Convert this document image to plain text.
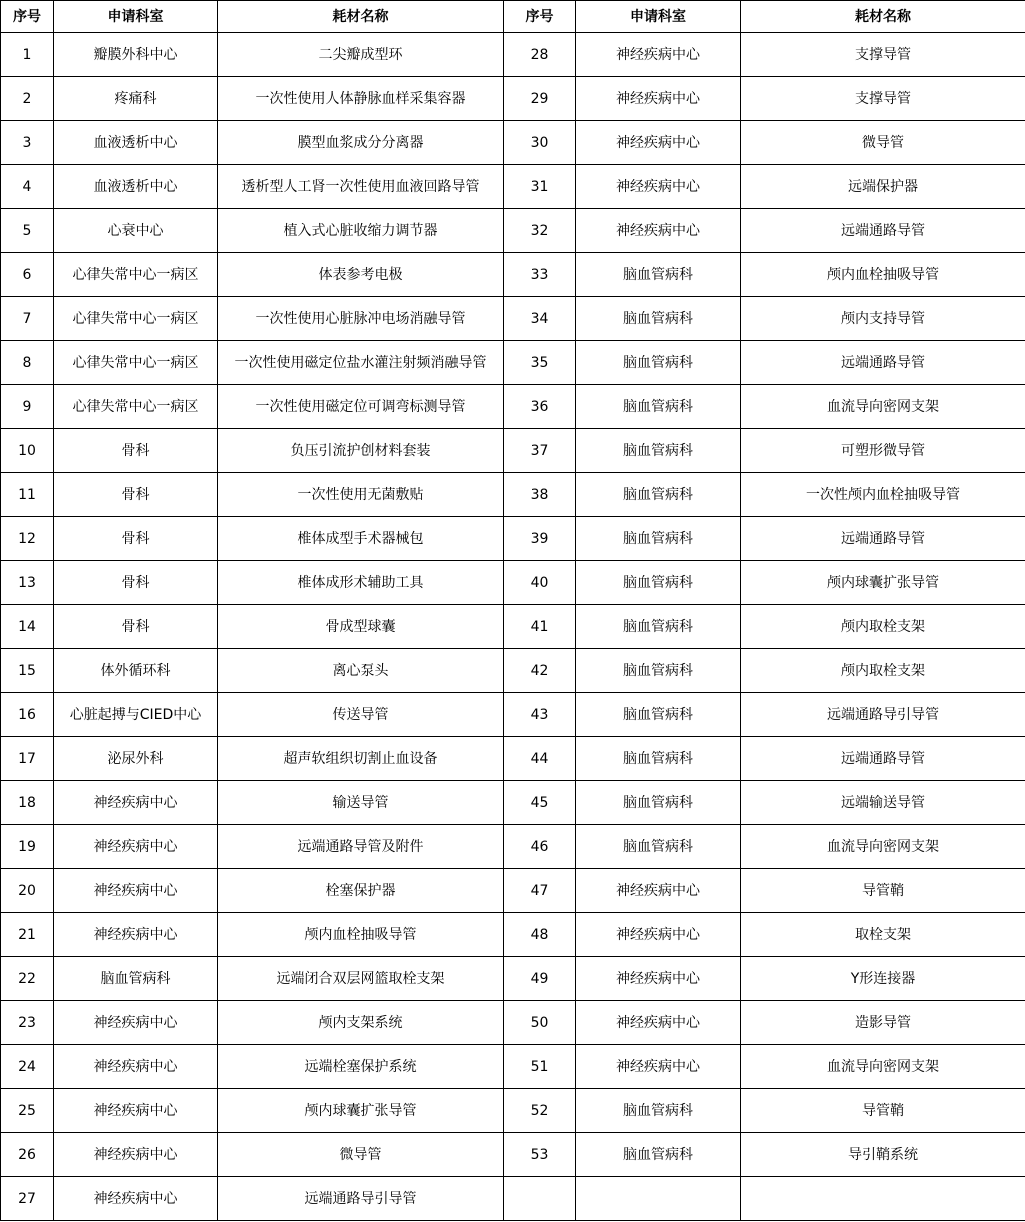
序号	申请科室	耗材名称	序号	申请科室	耗材名称
1	瓣膜外科中心	二尖瓣成型环	28	神经疾病中心	支撑导管
2	疼痛科	一次性使用人体静脉血样采集容器	29	神经疾病中心	支撑导管
3	血液透析中心	膜型血浆成分分离器	30	神经疾病中心	微导管
4	血液透析中心	透析型人工肾一次性使用血液回路导管	31	神经疾病中心	远端保护器
5	心衰中心	植入式心脏收缩力调节器	32	神经疾病中心	远端通路导管
6	心律失常中心一病区	体表参考电极	33	脑血管病科	颅内血栓抽吸导管
7	心律失常中心一病区	一次性使用心脏脉冲电场消融导管	34	脑血管病科	颅内支持导管
8	心律失常中心一病区	一次性使用磁定位盐水灌注射频消融导管	35	脑血管病科	远端通路导管
9	心律失常中心一病区	一次性使用磁定位可调弯标测导管	36	脑血管病科	血流导向密网支架
10	骨科	负压引流护创材料套装	37	脑血管病科	可塑形微导管
11	骨科	一次性使用无菌敷贴	38	脑血管病科	一次性颅内血栓抽吸导管
12	骨科	椎体成型手术器械包	39	脑血管病科	远端通路导管
13	骨科	椎体成形术辅助工具	40	脑血管病科	颅内球囊扩张导管
14	骨科	骨成型球囊	41	脑血管病科	颅内取栓支架
15	体外循环科	离心泵头	42	脑血管病科	颅内取栓支架
16	心脏起搏与CIED中心	传送导管	43	脑血管病科	远端通路导引导管
17	泌尿外科	超声软组织切割止血设备	44	脑血管病科	远端通路导管
18	神经疾病中心	输送导管	45	脑血管病科	远端输送导管
19	神经疾病中心	远端通路导管及附件	46	脑血管病科	血流导向密网支架
20	神经疾病中心	栓塞保护器	47	神经疾病中心	导管鞘
21	神经疾病中心	颅内血栓抽吸导管	48	神经疾病中心	取栓支架
22	脑血管病科	远端闭合双层网篮取栓支架	49	神经疾病中心	Y形连接器
23	神经疾病中心	颅内支架系统	50	神经疾病中心	造影导管
24	神经疾病中心	远端栓塞保护系统	51	神经疾病中心	血流导向密网支架
25	神经疾病中心	颅内球囊扩张导管	52	脑血管病科	导管鞘
26	神经疾病中心	微导管	53	脑血管病科	导引鞘系统
27	神经疾病中心	远端通路导引导管			
